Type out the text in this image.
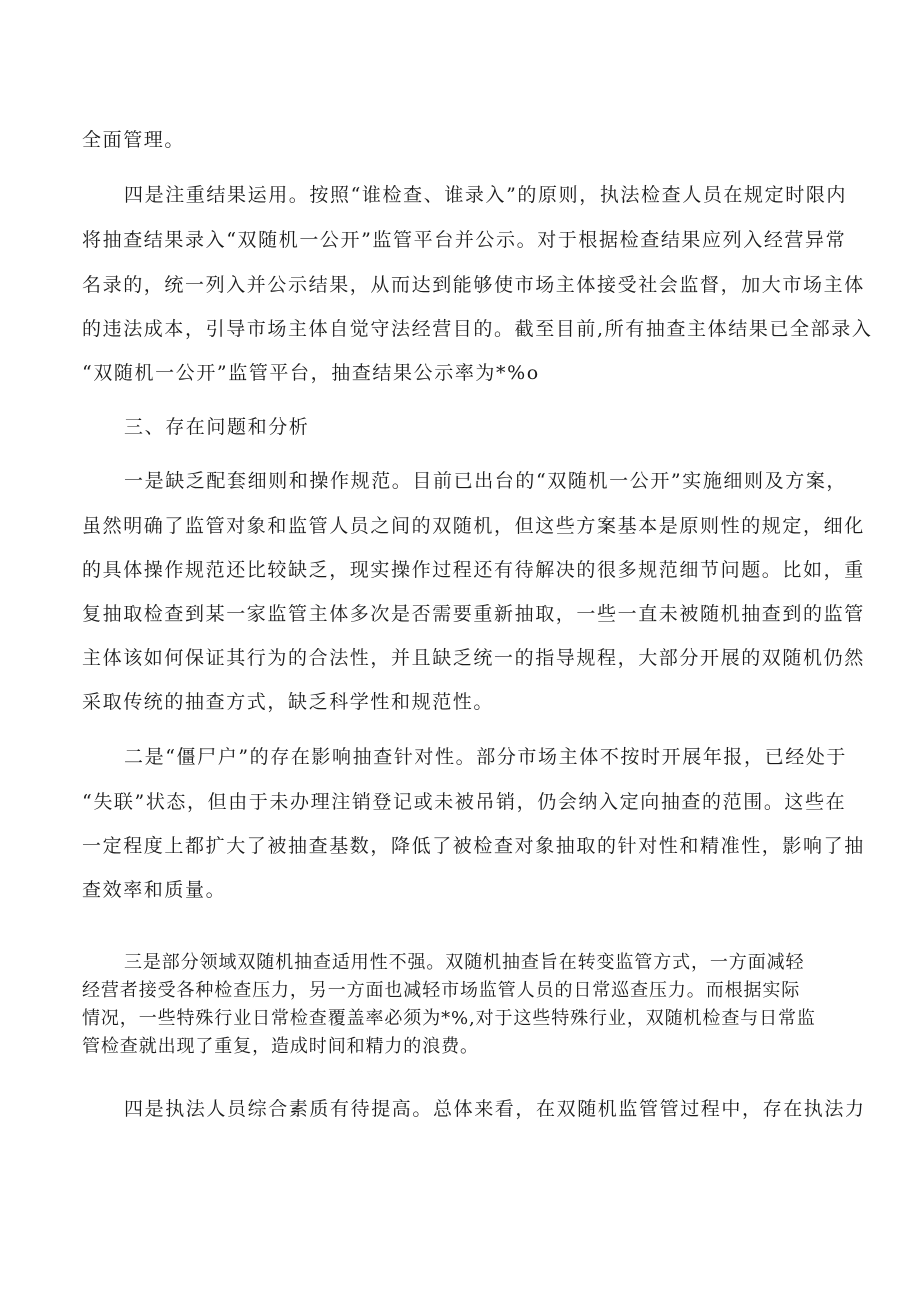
全面管理。
四是注重结果运用。按照“谁检查、谁录入”的原则，执法检查人员在规定时限内
将抽查结果录入“双随机一公开”监管平台并公示。对于根据检查结果应列入经营异常
名录的，统一列入并公示结果，从而达到能够使市场主体接受社会监督，加大市场主体
的违法成本，引导市场主体自觉守法经营目的。截至目前,所有抽查主体结果已全部录入
“双随机一公开”监管平台，抽查结果公示率为*%o
三、存在问题和分析
一是缺乏配套细则和操作规范。目前已出台的“双随机一公开”实施细则及方案，
虽然明确了监管对象和监管人员之间的双随机，但这些方案基本是原则性的规定，细化
的具体操作规范还比较缺乏，现实操作过程还有待解决的很多规范细节问题。比如，重
复抽取检查到某一家监管主体多次是否需要重新抽取，一些一直未被随机抽查到的监管
主体该如何保证其行为的合法性，并且缺乏统一的指导规程，大部分开展的双随机仍然
采取传统的抽查方式，缺乏科学性和规范性。
二是“僵尸户”的存在影响抽查针对性。部分市场主体不按时开展年报，已经处于
“失联”状态，但由于未办理注销登记或未被吊销，仍会纳入定向抽查的范围。这些在
一定程度上都扩大了被抽查基数，降低了被检查对象抽取的针对性和精准性，影响了抽
查效率和质量。
三是部分领域双随机抽查适用性不强。双随机抽查旨在转变监管方式，一方面减轻
经营者接受各种检查压力，另一方面也减轻市场监管人员的日常巡查压力。而根据实际
情况，一些特殊行业日常检查覆盖率必须为*%,对于这些特殊行业，双随机检查与日常监
管检查就出现了重复，造成时间和精力的浪费。
四是执法人员综合素质有待提高。总体来看，在双随机监管管过程中，存在执法力
